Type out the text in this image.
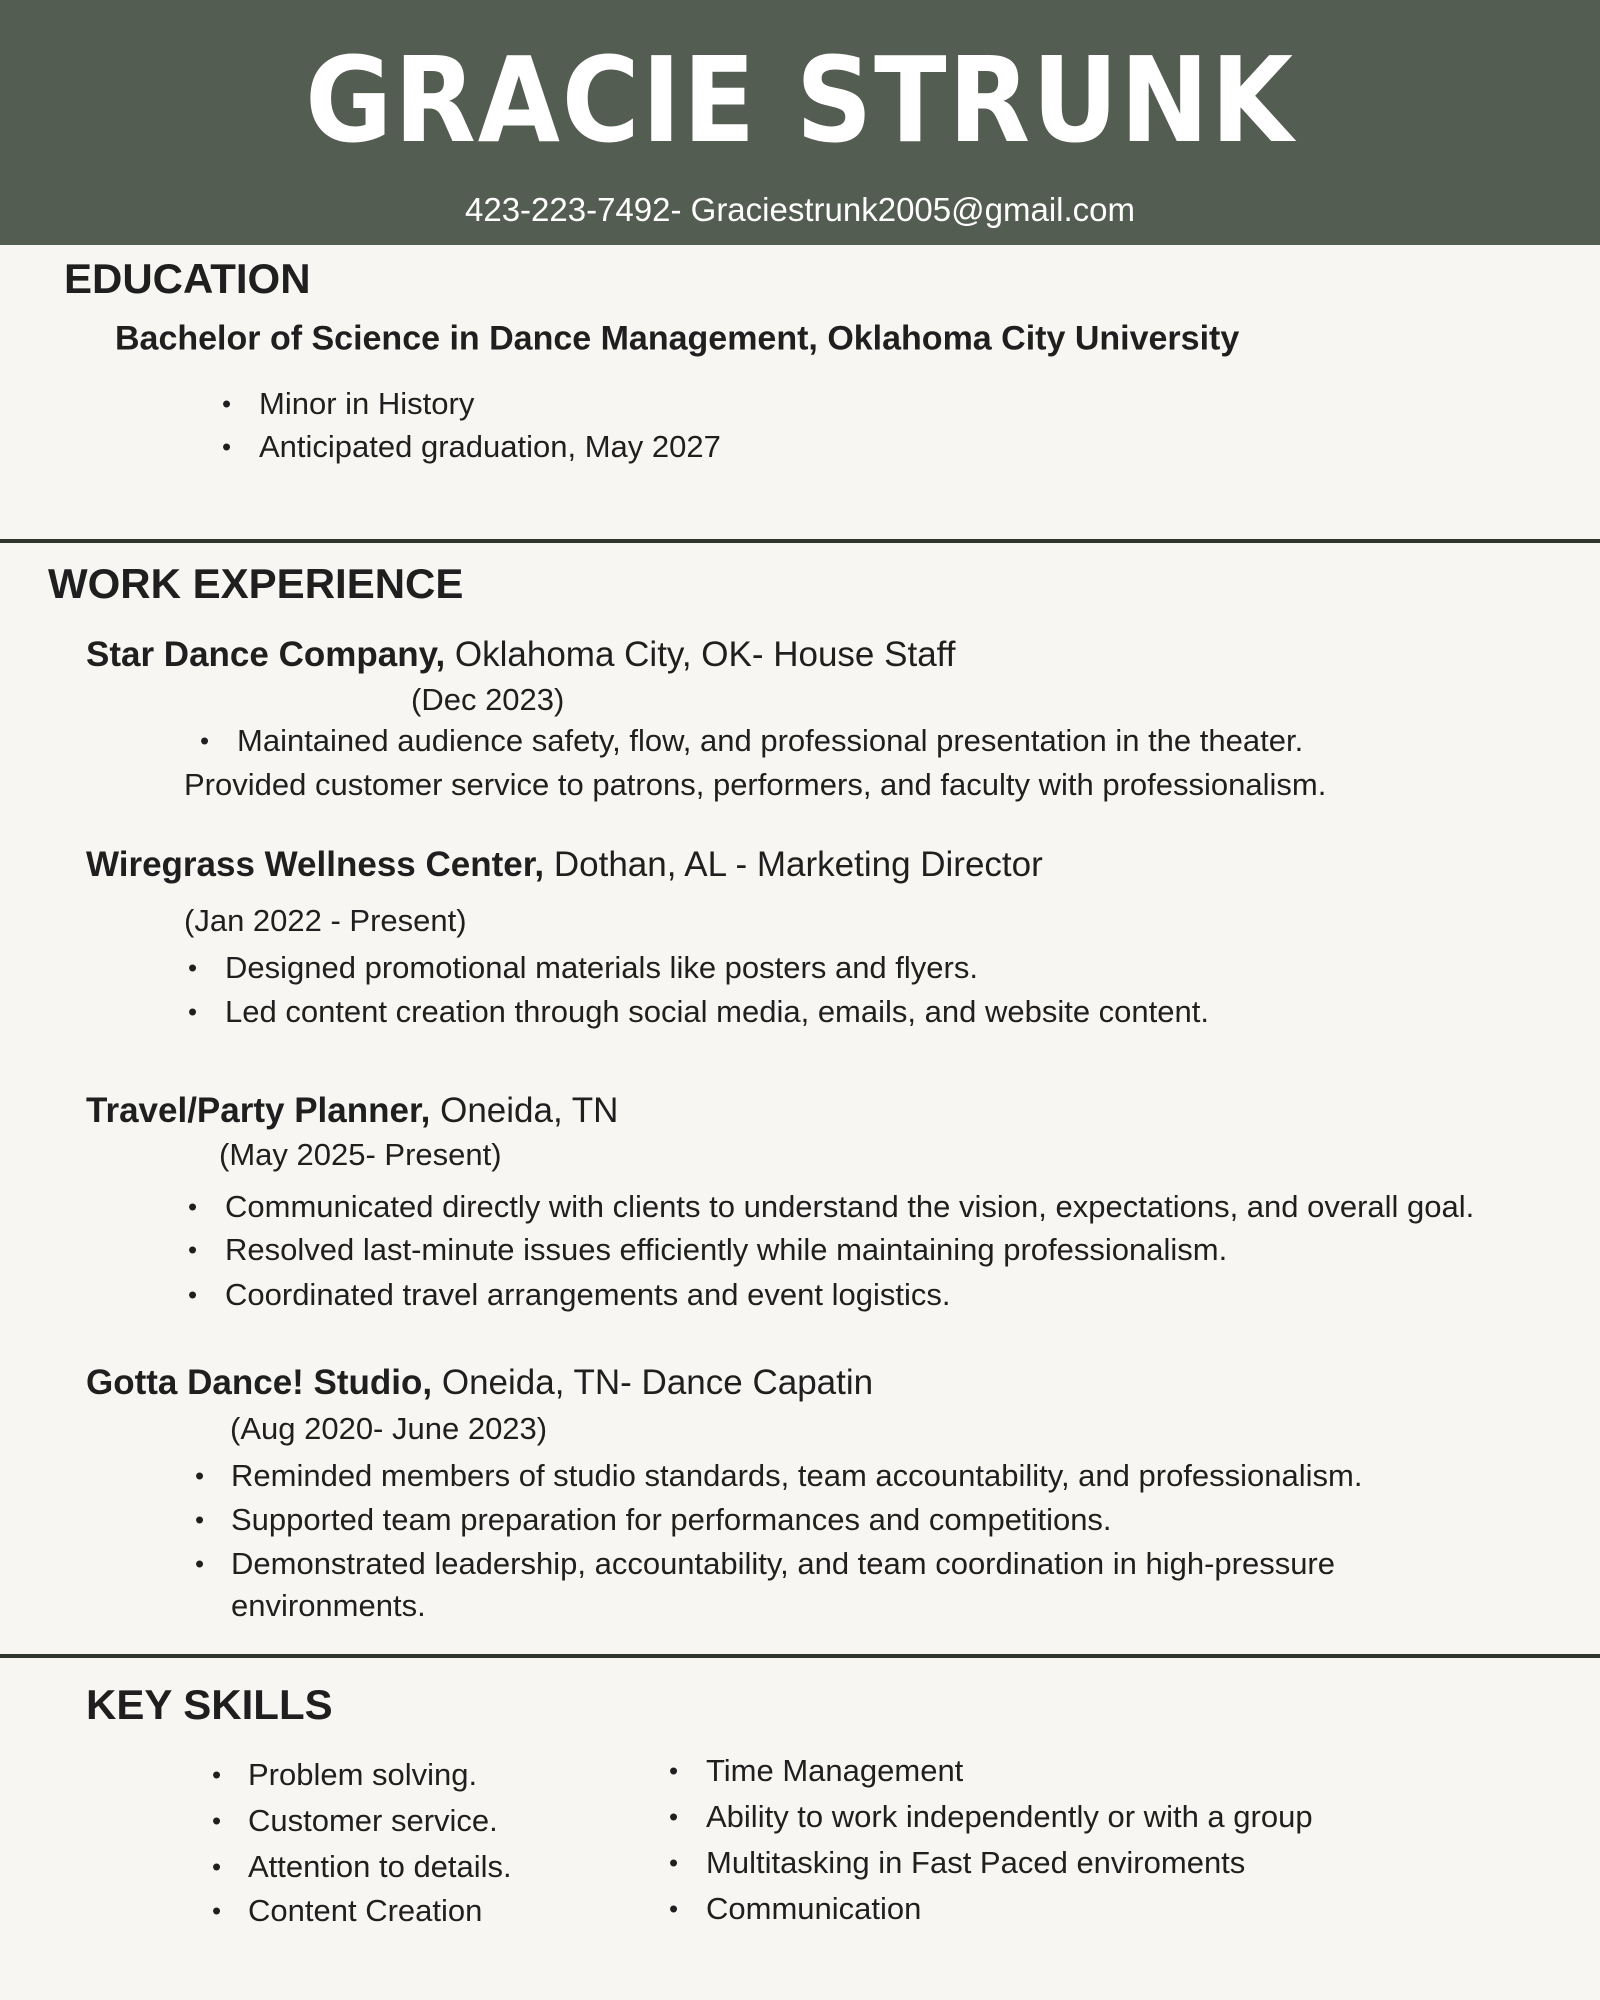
GRACIE STRUNK
423-223-7492- Graciestrunk2005@gmail.com
EDUCATION
Bachelor of Science in Dance Management, Oklahoma City University
• Minor in History
• Anticipated graduation, May 2027
WORK EXPERIENCE
Star Dance Company, Oklahoma City, OK- House Staff
(Dec 2023)
• Maintained audience safety, flow, and professional presentation in the theater.
Provided customer service to patrons, performers, and faculty with professionalism.
Wiregrass Wellness Center, Dothan, AL - Marketing Director
(Jan 2022 - Present)
• Designed promotional materials like posters and flyers.
• Led content creation through social media, emails, and website content.
Travel/Party Planner, Oneida, TN
(May 2025- Present)
• Communicated directly with clients to understand the vision, expectations, and overall goal.
• Resolved last-minute issues efficiently while maintaining professionalism.
• Coordinated travel arrangements and event logistics.
Gotta Dance! Studio, Oneida, TN- Dance Capatin
(Aug 2020- June 2023)
• Reminded members of studio standards, team accountability, and professionalism.
• Supported team preparation for performances and competitions.
• Demonstrated leadership, accountability, and team coordination in high-pressure
environments.
KEY SKILLS
• Problem solving.
• Customer service.
• Attention to details.
• Content Creation
• Time Management
• Ability to work independently or with a group
• Multitasking in Fast Paced enviroments
• Communication
